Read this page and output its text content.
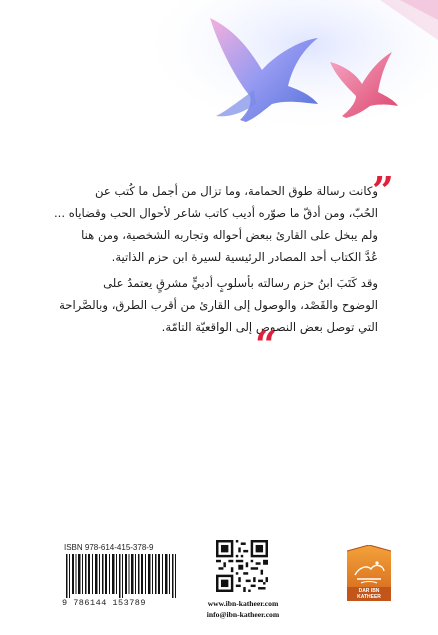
”
وكانت رسالة طوق الحمامة، وما تزال من أجمل ما كُتب عن
الحُبّ، ومن أدقّ ما صوّره أديب كاتب شاعر لأحوال الحب وقضاياه ...
ولم يبخل على القارئ ببعض أحواله وتجاربه الشخصية، ومن هنا
عُدَّ الكتاب أحد المصادر الرئيسية لسيرة ابن حزم الذاتية.
وقد كَتَبَ ابنُ حزم رسالته بأسلوبٍ أدبيٍّ مشرقٍ يعتمدُ على
الوضوح والقَصْد، والوصول إلى القارئ من أقرب الطرق، وبالصَّراحة
التي توصل بعض النصوص إلى الواقعيّة التامّة.
“
ISBN 978-614-415-378-9
9 786144 153789	www.ibn-katheer.com
info@ibn-katheer.com
DAR IBN KATHEER
